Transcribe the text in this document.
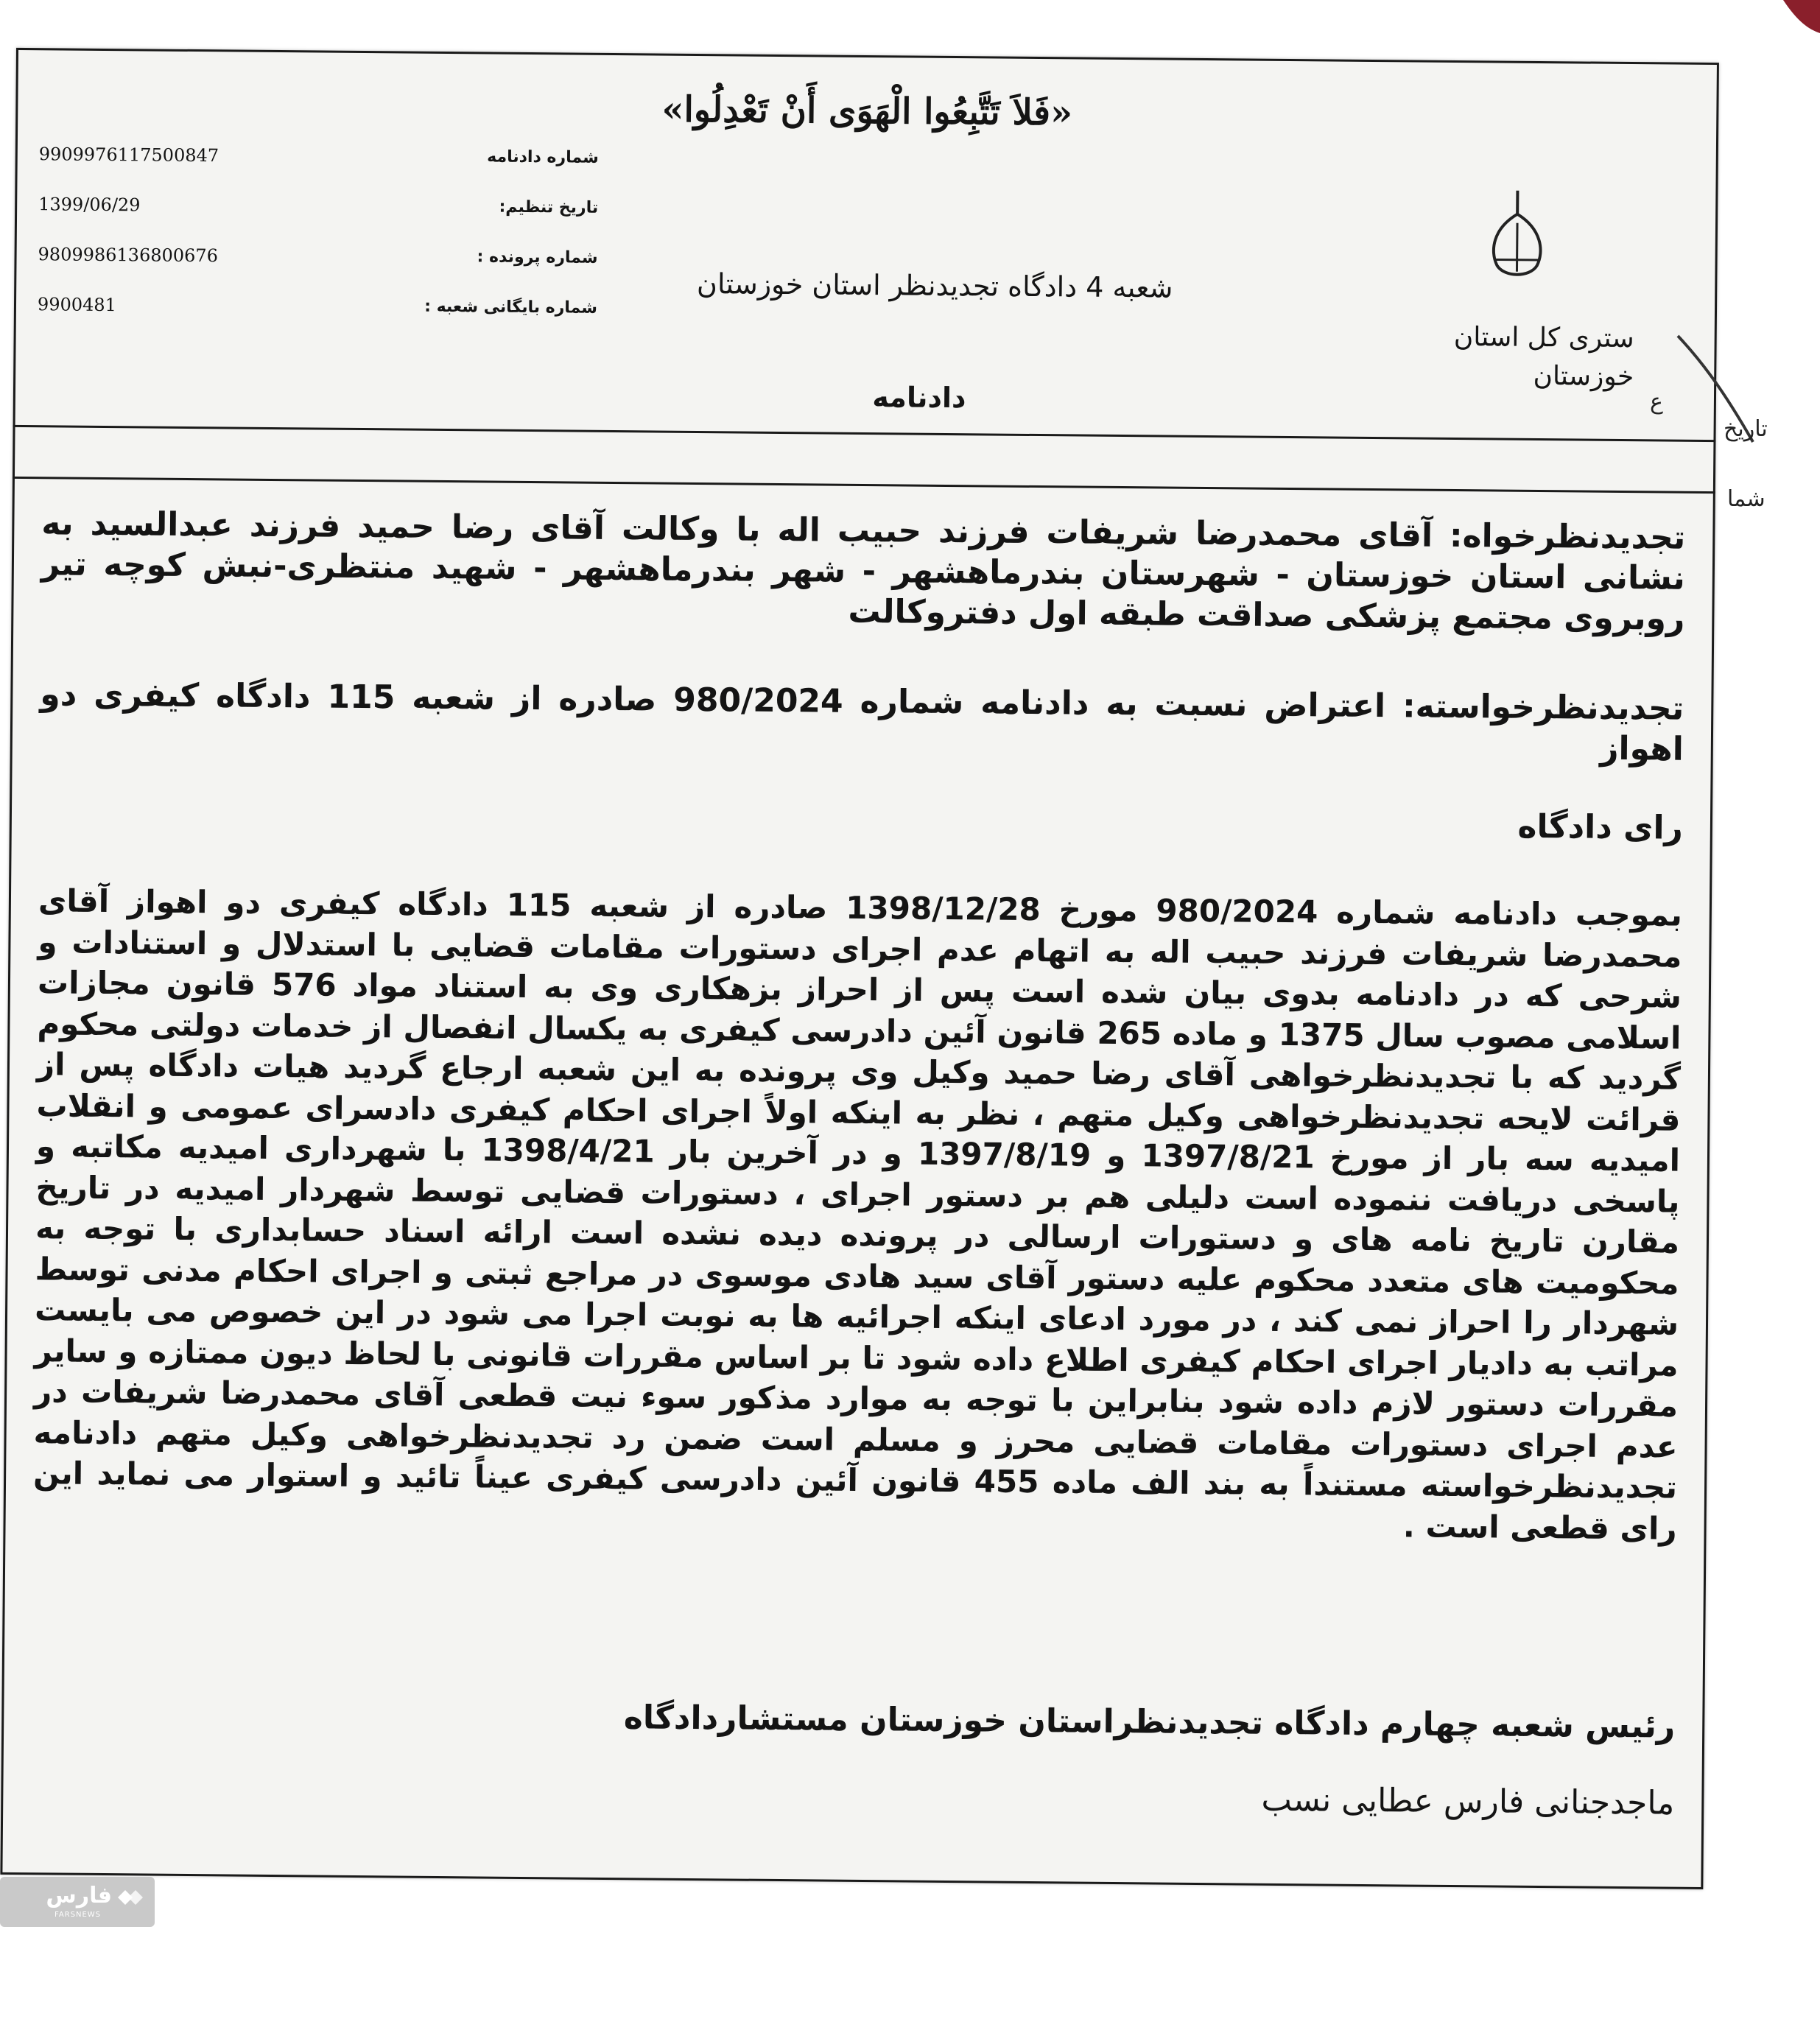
«فَلاَ تَتَّبِعُوا الْهَوَى أَنْ تَعْدِلُوا»
9909976117500847	شماره دادنامه
1399/06/29	تاریخ تنظیم:
9809986136800676	شماره پرونده :
9900481	شماره بایگانی شعبه :
شعبه 4 دادگاه تجدیدنظر استان خوزستان
ستری کل استان
خوزستان
دادنامه
تجدیدنظرخواه: آقای محمدرضا شریفات فرزند حبیب اله با وکالت آقای رضا حمید فرزند عبدالسید به نشانی استان خوزستان - شهرستان بندرماهشهر - شهر بندرماهشهر - شهید منتظری-نبش کوچه تیر روبروی مجتمع پزشکی صداقت طبقه اول دفتروکالت
تجدیدنظرخواسته: اعتراض نسبت به دادنامه شماره 980/2024 صادره از شعبه 115 دادگاه کیفری دو اهواز
رای دادگاه
بموجب دادنامه شماره 980/2024 مورخ 1398/12/28 صادره از شعبه 115 دادگاه کیفری دو اهواز آقای محمدرضا شریفات فرزند حبیب اله به اتهام عدم اجرای دستورات مقامات قضایی با استدلال و استنادات و شرحی که در دادنامه بدوی بیان شده است پس از احراز بزهکاری وی به استناد مواد 576 قانون مجازات اسلامی مصوب سال 1375 و ماده 265 قانون آئین دادرسی کیفری به یکسال انفصال از خدمات دولتی محکوم گردید که با تجدیدنظرخواهی آقای رضا حمید وکیل وی پرونده به این شعبه ارجاع گردید هیات دادگاه پس از قرائت لایحه تجدیدنظرخواهی وکیل متهم ، نظر به اینکه اولاً اجرای احکام کیفری دادسرای عمومی و انقلاب امیدیه سه بار از مورخ 1397/8/21 و 1397/8/19 و در آخرین بار 1398/4/21 با شهرداری امیدیه مکاتبه و پاسخی دریافت ننموده است دلیلی هم بر دستور اجرای ، دستورات قضایی توسط شهردار امیدیه در تاریخ مقارن تاریخ نامه های و دستورات ارسالی در پرونده دیده نشده است ارائه اسناد حسابداری با توجه به محکومیت های متعدد محکوم علیه دستور آقای سید هادی موسوی در مراجع ثبتی و اجرای احکام مدنی توسط شهردار را احراز نمی کند ، در مورد ادعای اینکه اجرائیه ها به نوبت اجرا می شود در این خصوص می بایست مراتب به دادیار اجرای احکام کیفری اطلاع داده شود تا بر اساس مقررات قانونی با لحاظ دیون ممتازه و سایر مقررات دستور لازم داده شود بنابراین با توجه به موارد مذکور سوء نیت قطعی آقای محمدرضا شریفات در عدم اجرای دستورات مقامات قضایی محرز و مسلم است ضمن رد تجدیدنظرخواهی وکیل متهم دادنامه تجدیدنظرخواسته مستنداً به بند الف ماده 455 قانون آئین دادرسی کیفری عیناً تائید و استوار می نماید این رای قطعی است .
رئیس شعبه چهارم دادگاه تجدیدنظراستان خوزستان مستشاردادگاه
ماجدجنانی فارس عطایی نسب
ع
تاریخ
شما
فارس
FARSNEWS
